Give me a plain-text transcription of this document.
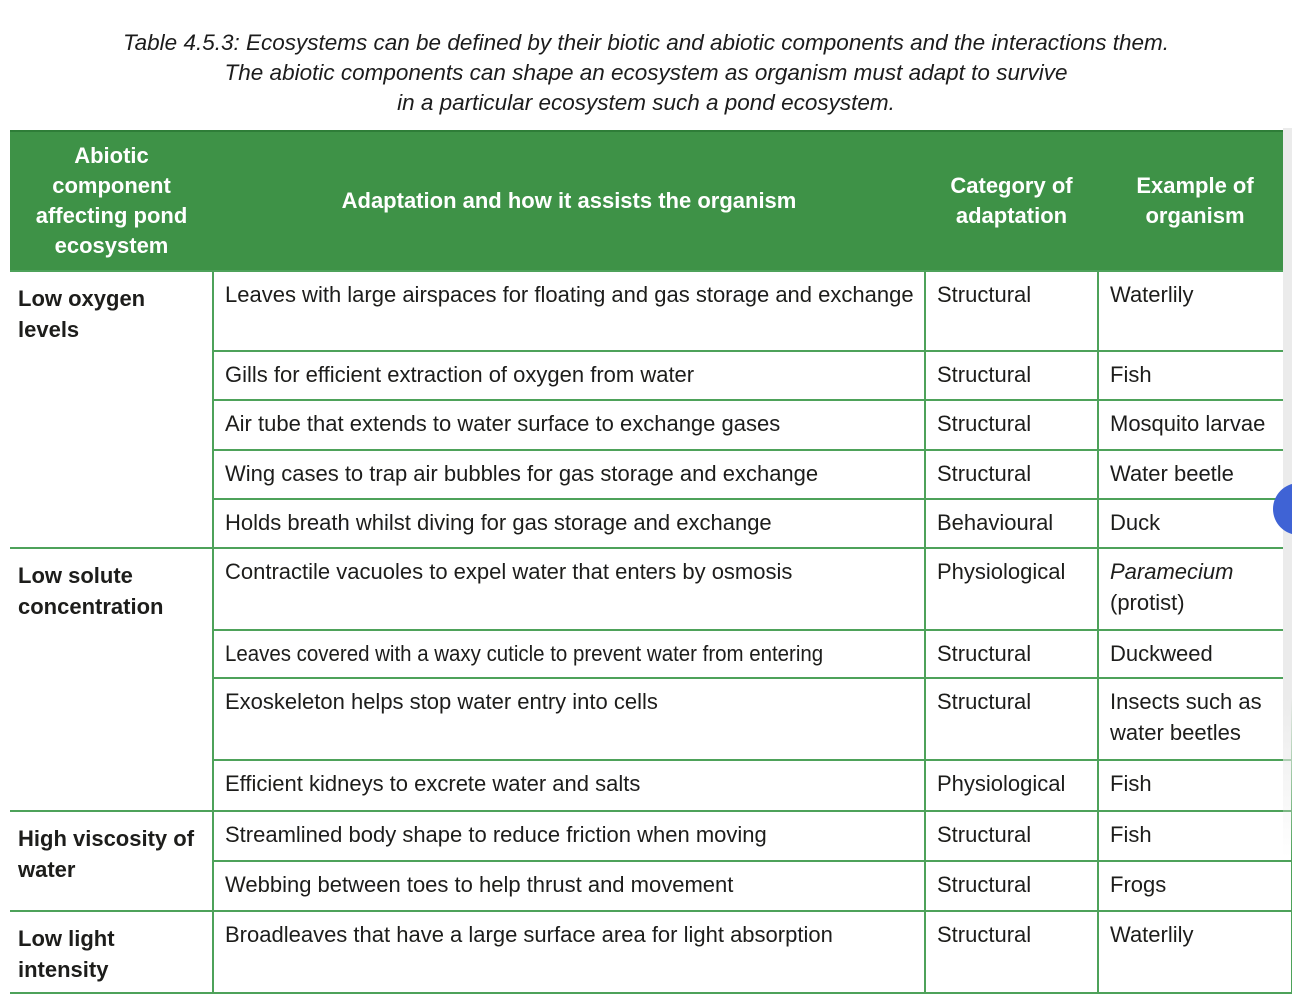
Table 4.5.3: Ecosystems can be defined by their biotic and abiotic components and the interactions them.
The abiotic components can shape an ecosystem as organism must adapt to survive
in a particular ecosystem such a pond ecosystem.
Abiotic component affecting pond ecosystem	Adaptation and how it assists the organism	Category of adaptation	Example of organism
Low oxygen levels	Leaves with large airspaces for floating and gas storage and exchange	Structural	Waterlily
	Gills for efficient extraction of oxygen from water	Structural	Fish
	Air tube that extends to water surface to exchange gases	Structural	Mosquito larvae
	Wing cases to trap air bubbles for gas storage and exchange	Structural	Water beetle
	Holds breath whilst diving for gas storage and exchange	Behavioural	Duck
Low solute concentration	Contractile vacuoles to expel water that enters by osmosis	Physiological	Paramecium
(protist)

	Leaves covered with a waxy cuticle to prevent water from entering	Structural	Duckweed
	Exoskeleton helps stop water entry into cells	Structural	Insects such as water beetles
	Efficient kidneys to excrete water and salts	Physiological	Fish
High viscosity of water	Streamlined body shape to reduce friction when moving	Structural	Fish
	Webbing between toes to help thrust and movement	Structural	Frogs
Low light intensity	Broadleaves that have a large surface area for light absorption	Structural	Waterlily
